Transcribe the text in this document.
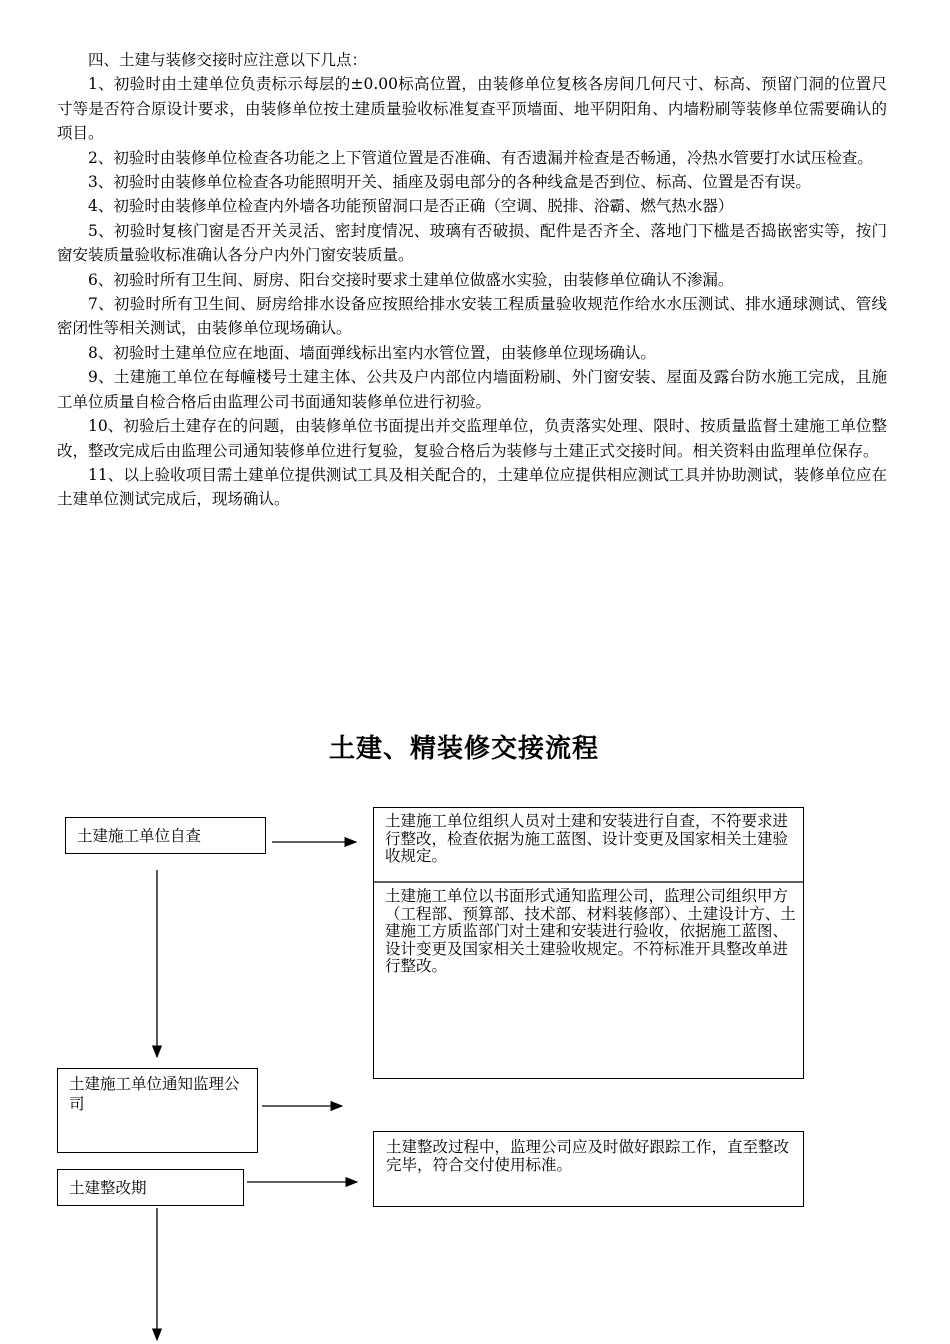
四、土建与装修交接时应注意以下几点：

1、初验时由土建单位负责标示每层的±0.00标高位置，由装修单位复核各房间几何尺寸、标高、预留门洞的位置尺寸等是否符合原设计要求，由装修单位按土建质量验收标准复查平顶墙面、地平阴阳角、内墙粉刷等装修单位需要确认的项目。

2、初验时由装修单位检查各功能之上下管道位置是否准确、有否遗漏并检查是否畅通，冷热水管要打水试压检查。

3、初验时由装修单位检查各功能照明开关、插座及弱电部分的各种线盒是否到位、标高、位置是否有误。

4、初验时由装修单位检查内外墙各功能预留洞口是否正确（空调、脱排、浴霸、燃气热水器）

5、初验时复核门窗是否开关灵活、密封度情况、玻璃有否破损、配件是否齐全、落地门下槛是否捣嵌密实等，按门窗安装质量验收标准确认各分户内外门窗安装质量。

6、初验时所有卫生间、厨房、阳台交接时要求土建单位做盛水实验，由装修单位确认不渗漏。

7、初验时所有卫生间、厨房给排水设备应按照给排水安装工程质量验收规范作给水水压测试、排水通球测试、管线密闭性等相关测试，由装修单位现场确认。

8、初验时土建单位应在地面、墙面弹线标出室内水管位置，由装修单位现场确认。

9、土建施工单位在每幢楼号土建主体、公共及户内部位内墙面粉刷、外门窗安装、屋面及露台防水施工完成，且施工单位质量自检合格后由监理公司书面通知装修单位进行初验。

10、初验后土建存在的问题，由装修单位书面提出并交监理单位，负责落实处理、限时、按质量监督土建施工单位整改，整改完成后由监理公司通知装修单位进行复验，复验合格后为装修与土建正式交接时间。相关资料由监理单位保存。

11、以上验收项目需土建单位提供测试工具及相关配合的，土建单位应提供相应测试工具并协助测试，装修单位应在土建单位测试完成后，现场确认。

土建、精装修交接流程
土建施工单位自查
土建施工单位组织人员对土建和安装进行自查，不符要求进行整改，检查依据为施工蓝图、设计变更及国家相关土建验收规定。
土建施工单位以书面形式通知监理公司，监理公司组织甲方（工程部、预算部、技术部、材料装修部）、土建设计方、土建施工方质监部门对土建和安装进行验收，依据施工蓝图、设计变更及国家相关土建验收规定。不符标准开具整改单进行整改。
土建施工单位通知监理公司
土建整改过程中，监理公司应及时做好跟踪工作，直至整改完毕，符合交付使用标准。
土建整改期
